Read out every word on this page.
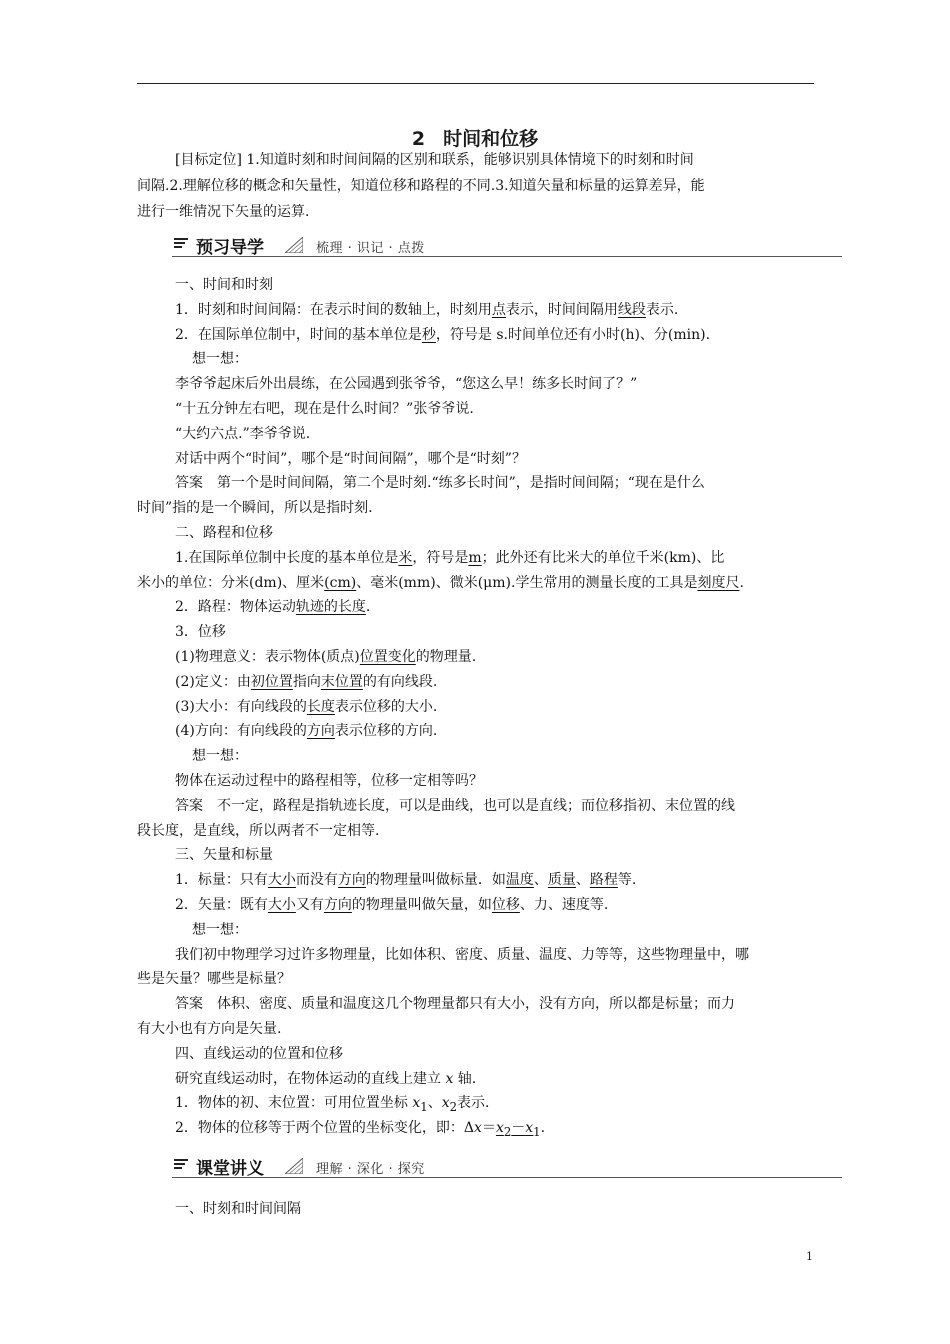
2 时间和位移
[目标定位] 1.知道时刻和时间间隔的区别和联系，能够识别具体情境下的时刻和时间
间隔.2.理解位移的概念和矢量性，知道位移和路程的不同.3.知道矢量和标量的运算差异，能
进行一维情况下矢量的运算.
预习导学	梳理 · 识记 · 点拨
一、时间和时刻
1．时刻和时间间隔：在表示时间的数轴上，时刻用点表示，时间间隔用线段表示.
2．在国际单位制中，时间的基本单位是秒，符号是 s.时间单位还有小时(h)、分(min).
想一想：
李爷爷起床后外出晨练，在公园遇到张爷爷，“您这么早！练多长时间了？”
“十五分钟左右吧，现在是什么时间？”张爷爷说.
“大约六点.”李爷爷说.
对话中两个“时间”，哪个是“时间间隔”，哪个是“时刻”？
答案　第一个是时间间隔，第二个是时刻.“练多长时间”，是指时间间隔；“现在是什么
时间”指的是一个瞬间，所以是指时刻.
二、路程和位移
1.在国际单位制中长度的基本单位是米，符号是m；此外还有比米大的单位千米(km)、比
米小的单位：分米(dm)、厘米(cm)、毫米(mm)、微米(μm).学生常用的测量长度的工具是刻度尺.
2．路程：物体运动轨迹的长度.
3．位移
(1)物理意义：表示物体(质点)位置变化的物理量.
(2)定义：由初位置指向末位置的有向线段.
(3)大小：有向线段的长度表示位移的大小.
(4)方向：有向线段的方向表示位移的方向.
想一想：
物体在运动过程中的路程相等，位移一定相等吗？
答案　不一定，路程是指轨迹长度，可以是曲线，也可以是直线；而位移指初、末位置的线
段长度，是直线，所以两者不一定相等.
三、矢量和标量
1．标量：只有大小而没有方向的物理量叫做标量．如温度、质量、路程等.
2．矢量：既有大小又有方向的物理量叫做矢量，如位移、力、速度等.
想一想：
我们初中物理学习过许多物理量，比如体积、密度、质量、温度、力等等，这些物理量中，哪
些是矢量？哪些是标量？
答案　体积、密度、质量和温度这几个物理量都只有大小，没有方向，所以都是标量；而力
有大小也有方向是矢量.
四、直线运动的位置和位移
研究直线运动时，在物体运动的直线上建立 x 轴.
1．物体的初、末位置：可用位置坐标 $x_1$、$x_2$表示.
2．物体的位移等于两个位置的坐标变化，即：$\Delta x=x_2-x_1$.
课堂讲义	理解 · 深化 · 探究
一、时刻和时间间隔
1
